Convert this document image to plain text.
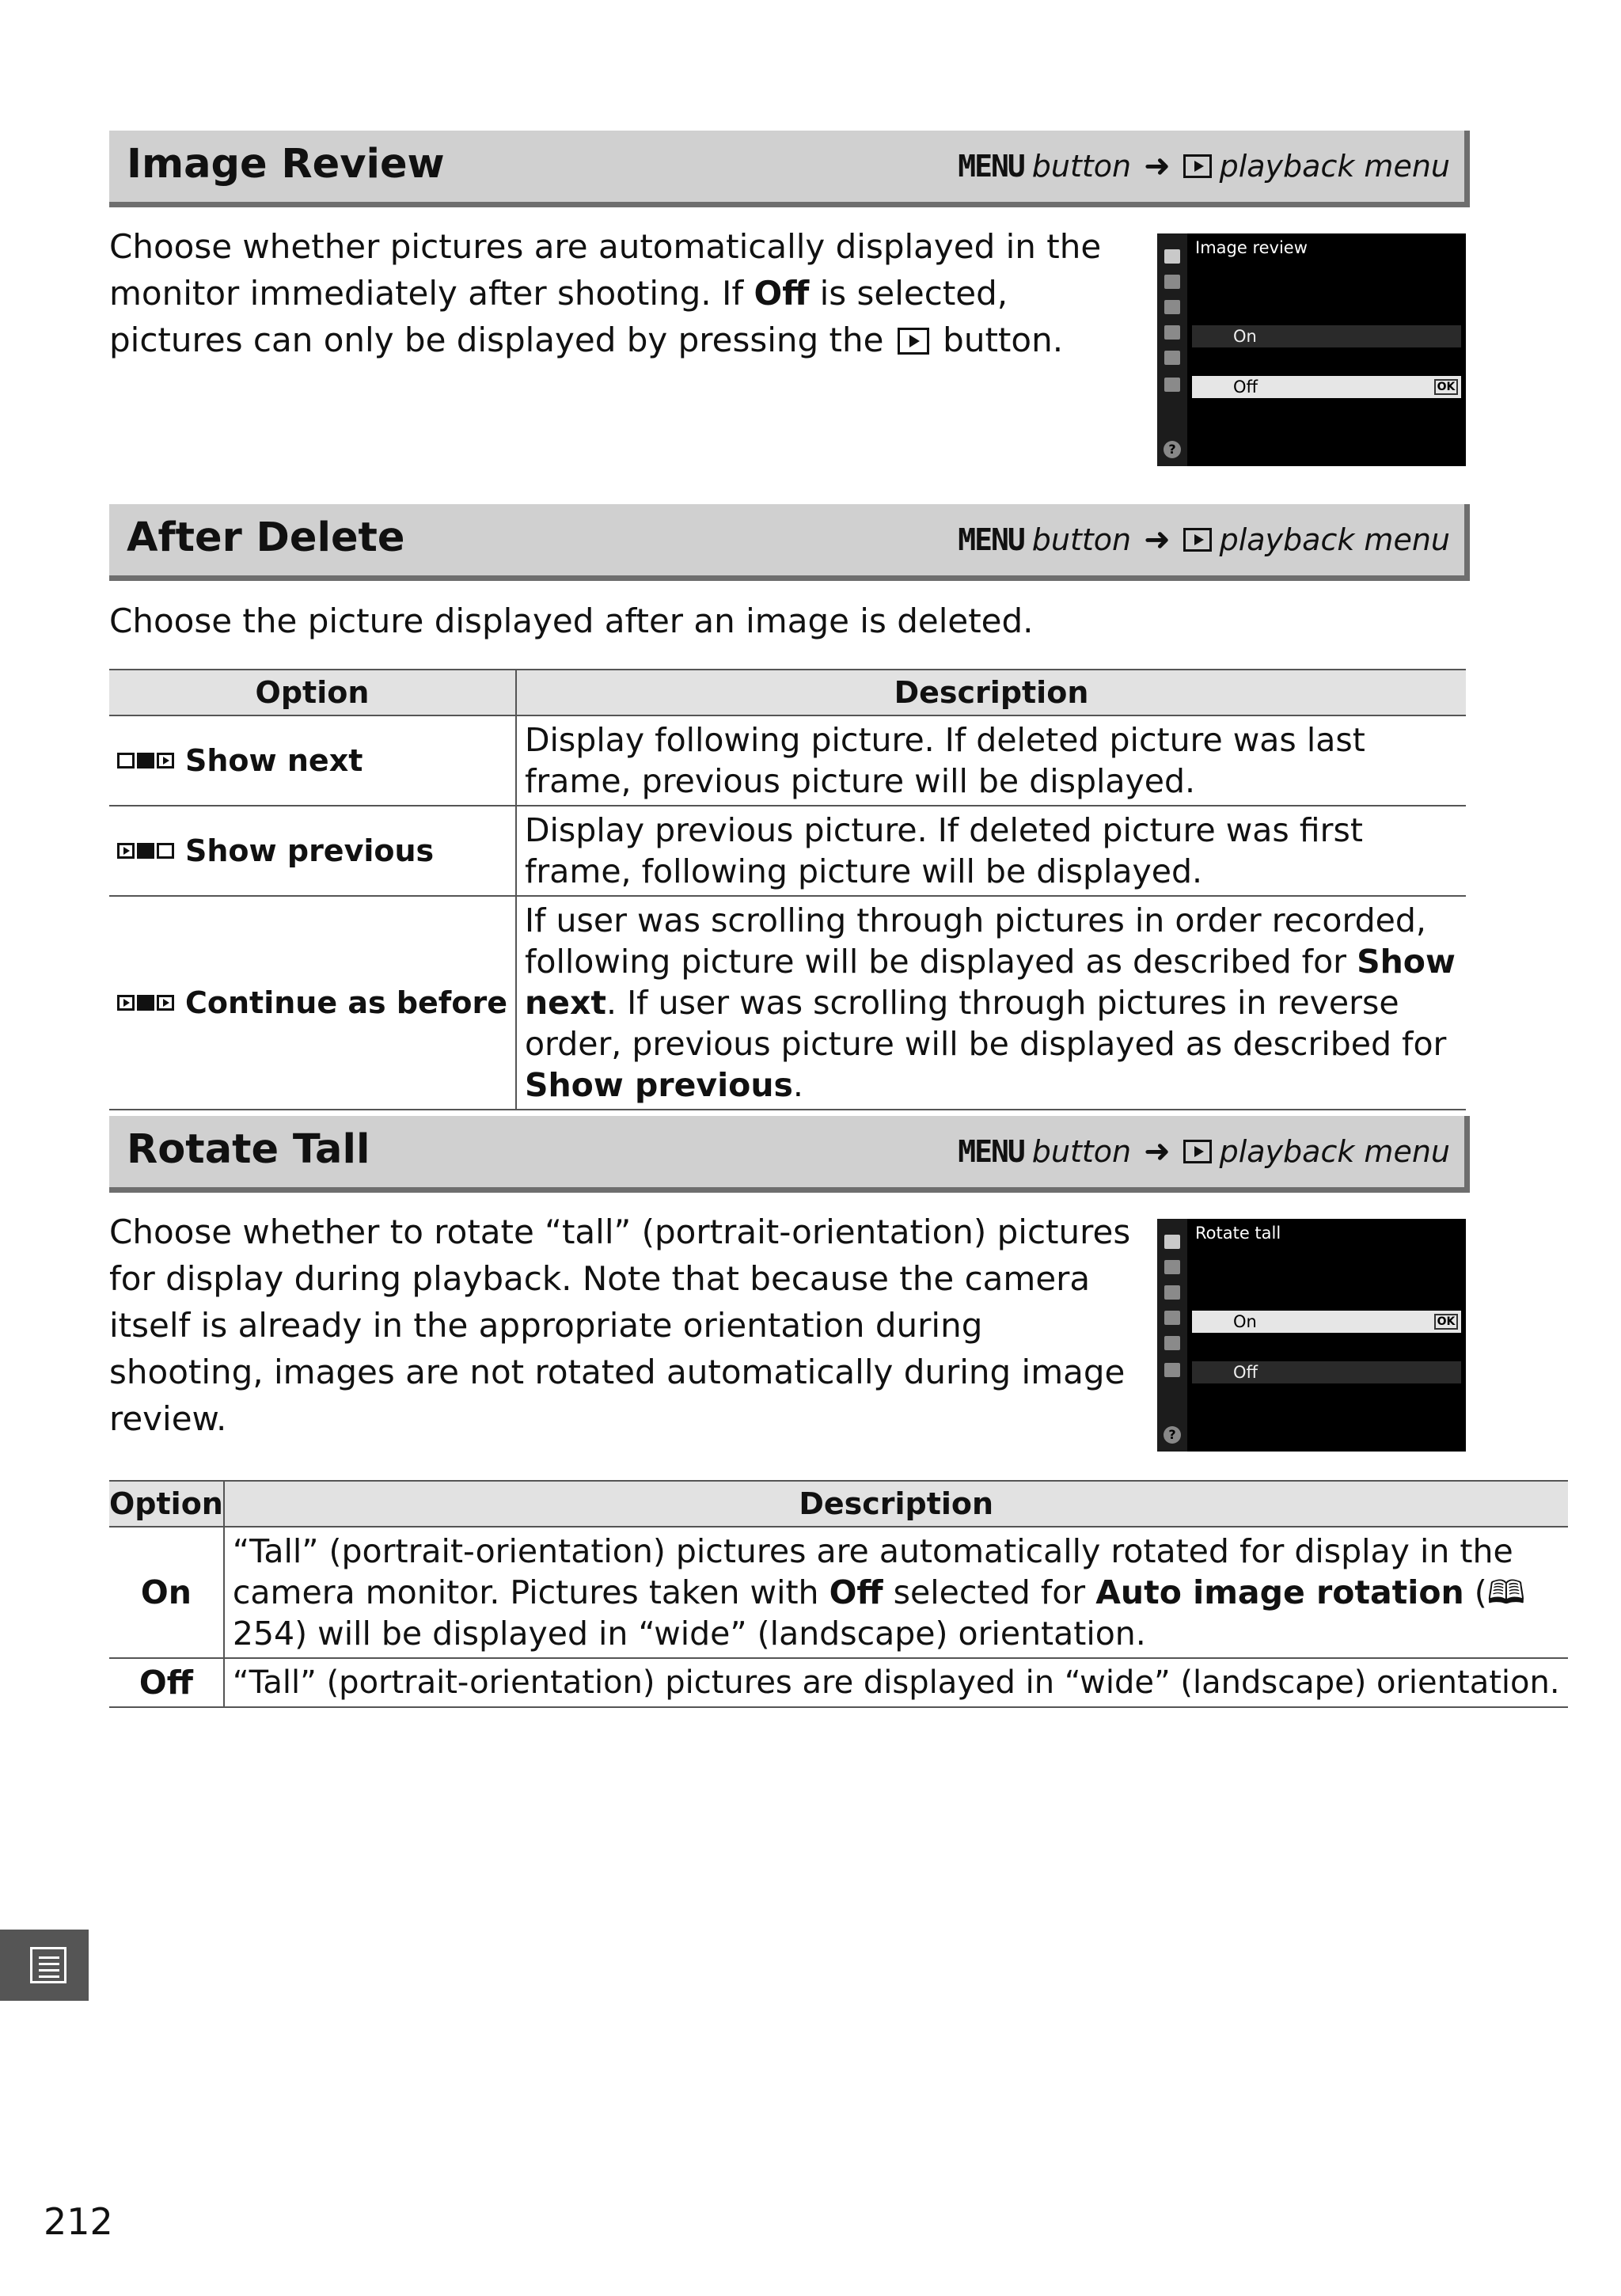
Image Review	MENU button ➜ playback menu
Choose whether pictures are automatically displayed in the monitor immediately after shooting. If Off is selected, pictures can only be displayed by pressing the  button.
?
Image review
On
Off	OK
After Delete	MENU button ➜ playback menu
Choose the picture displayed after an image is deleted.
Option	Description

Show next	Display following picture. If deleted picture was last frame, previous picture will be displayed.

Show previous	Display previous picture. If deleted picture was first frame, following picture will be displayed.

Continue as before	If user was scrolling through pictures in order recorded, following picture will be displayed as described for Show next. If user was scrolling through pictures in reverse order, previous picture will be displayed as described for Show previous.
Rotate Tall	MENU button ➜ playback menu
Choose whether to rotate “tall” (portrait-orientation) pictures for display during playback. Note that because the camera itself is already in the appropriate orientation during shooting, images are not rotated automatically during image review.	?
Rotate tall
On	OK
Off
Option	Description
On	“Tall” (portrait-orientation) pictures are automatically rotated for display in the camera monitor. Pictures taken with Off selected for Auto image rotation (🕮 254) will be displayed in “wide” (landscape) orientation.
Off	“Tall” (portrait-orientation) pictures are displayed in “wide” (landscape) orientation.
212
